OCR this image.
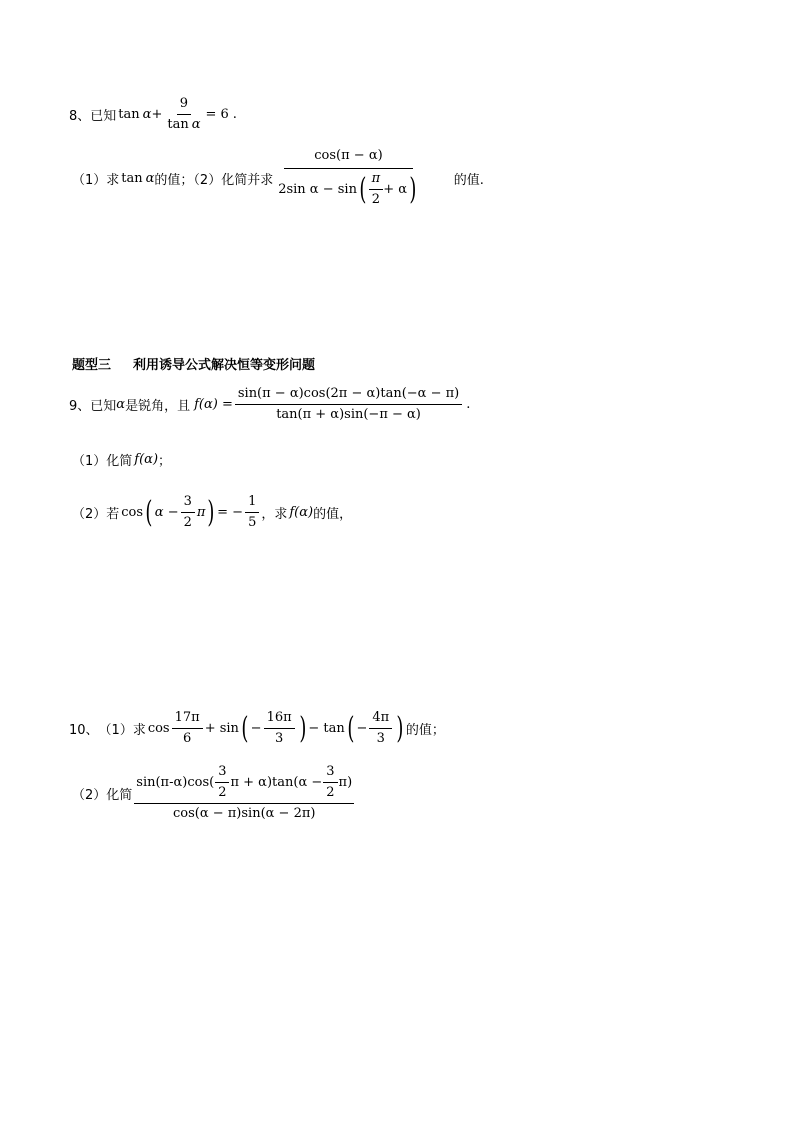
8、 已知 $\tan \alpha + \frac{9}{\text{tan α}} = 6$ .
（1）求 tan α 的值；（2）化简并求
cos(π − α)
2sin α − sin ( $\frac{\pi}{2} + \alpha$ )	的值.
题型三 利用诱导公式解决恒等变形问题
9、 已知 α 是锐角，且 $f(\alpha) = \frac{\sin(\pi - \alpha)\cos(2\pi - \alpha)\tan(-\alpha - \pi)}{\tan(\pi + \alpha)\sin(-\pi - \alpha)}$ .
（1）化简 f(α) ；
（2）若 cos ( $\alpha - \frac{3}{2}$ π ) = − $\frac{1}{5}$ ，求 f(α) 的值，
10、 （1）求 $\cos \frac{17\pi}{6} + \sin$ ( − $\frac{16\pi}{3}$ ) − tan ( − $\frac{4\pi}{3}$ ) 的值；
（2）化简
$\sin(\pi-\alpha)\cos( \frac{3}{2}$ $\pi + \alpha)\tan(\alpha - \frac{3}{2} \pi)$
cos(α − π)sin(α − 2π)
